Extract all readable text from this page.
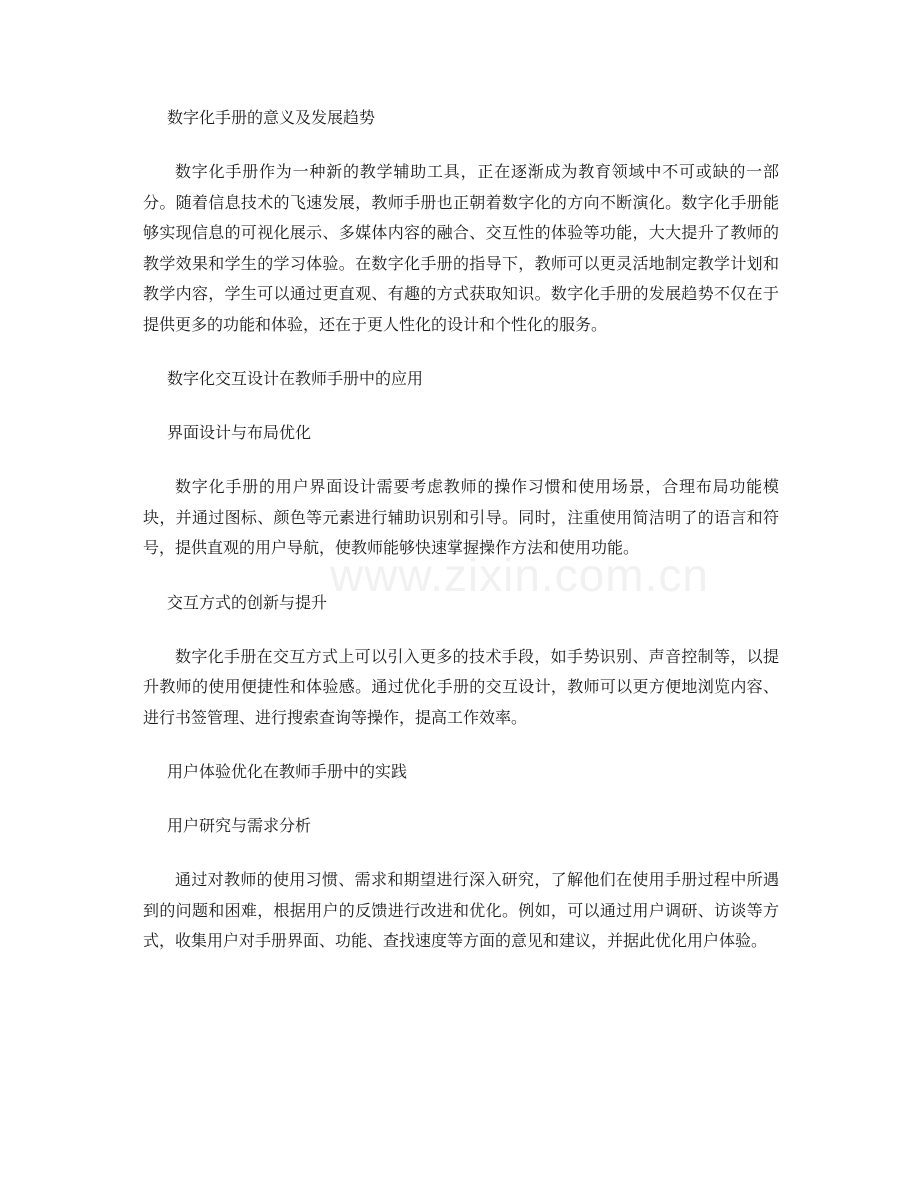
www.zixin.com.cn
数字化手册的意义及发展趋势

数字化手册作为一种新的教学辅助工具，正在逐渐成为教育领域中不可或缺的一部分。随着信息技术的飞速发展，教师手册也正朝着数字化的方向不断演化。数字化手册能够实现信息的可视化展示、多媒体内容的融合、交互性的体验等功能，大大提升了教师的教学效果和学生的学习体验。在数字化手册的指导下，教师可以更灵活地制定教学计划和教学内容，学生可以通过更直观、有趣的方式获取知识。数字化手册的发展趋势不仅在于提供更多的功能和体验，还在于更人性化的设计和个性化的服务。

数字化交互设计在教师手册中的应用
界面设计与布局优化

数字化手册的用户界面设计需要考虑教师的操作习惯和使用场景，合理布局功能模块，并通过图标、颜色等元素进行辅助识别和引导。同时，注重使用简洁明了的语言和符号，提供直观的用户导航，使教师能够快速掌握操作方法和使用功能。

交互方式的创新与提升

数字化手册在交互方式上可以引入更多的技术手段，如手势识别、声音控制等，以提升教师的使用便捷性和体验感。通过优化手册的交互设计，教师可以更方便地浏览内容、进行书签管理、进行搜索查询等操作，提高工作效率。

用户体验优化在教师手册中的实践
用户研究与需求分析

通过对教师的使用习惯、需求和期望进行深入研究，了解他们在使用手册过程中所遇到的问题和困难，根据用户的反馈进行改进和优化。例如，可以通过用户调研、访谈等方式，收集用户对手册界面、功能、查找速度等方面的意见和建议，并据此优化用户体验。
